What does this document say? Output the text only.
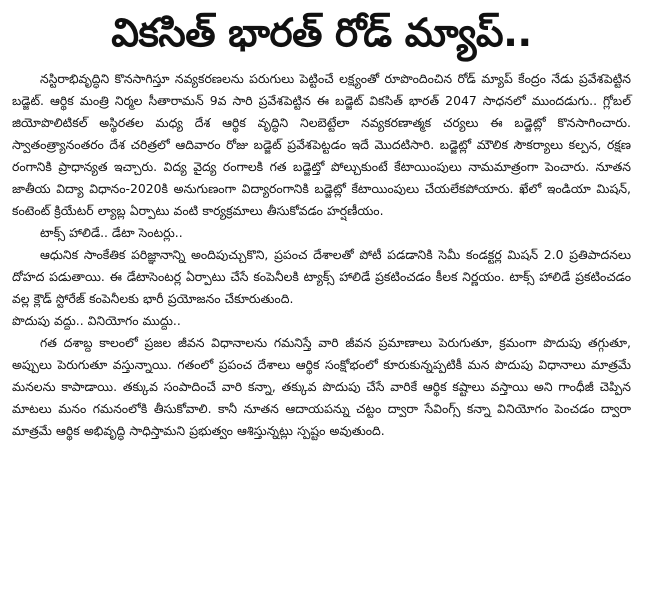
వికసిత్ భారత్ రోడ్ మ్యాప్..

నస్టిరాభివృద్ధిని కొనసాగిస్తూ నవ్యకరణలను పరుగులు పెట్టించే లక్ష్యంతో రూపొందించిన రోడ్ మ్యాప్ కేంద్రం నేడు ప్రవేశపెట్టిన బడ్జెట్. ఆర్థిక మంత్రి నిర్మల సీతారామన్ 9వ సారి ప్రవేశపెట్టిన ఈ బడ్జెట్ వికసిత్ భారత్ 2047 సాధనలో ముందడుగు.. గ్లోబల్ జియోపొలిటికల్ అస్థిరతల మధ్య దేశ ఆర్థిక వృద్ధిని నిలబెట్టేలా నవ్యకరణాత్మక చర్యలు ఈ బడ్జెట్లో కొనసాగించారు. స్వాతంత్ర్యానంతరం దేశ చరిత్రలో ఆదివారం రోజు బడ్జెట్ ప్రవేశపెట్టడం ఇదే మొదటిసారి. బడ్జెట్లో మౌలిక సౌకర్యాలు కల్పన, రక్షణ రంగానికి ప్రాధాన్యత ఇచ్చారు. విద్య వైద్య రంగాలకి గత బడ్జెట్తో పోల్చుకుంటే కేటాయింపులు నామమాత్రంగా పెంచారు. నూతన జాతీయ విద్యా విధానం-2020కి అనుగుణంగా విద్యారంగానికి బడ్జెట్లో కేటాయింపులు చేయలేకపోయారు. ఖేలో ఇండియా మిషన్, కంటెంట్ క్రియేటర్ ల్యాబ్ల ఏర్పాటు వంటి కార్యక్రమాలు తీసుకోవడం హర్షణీయం.

టాక్స్ హాలిడే.. డేటా సెంటర్లు..

ఆధునిక సాంకేతిక పరిజ్ఞానాన్ని అందిపుచ్చుకొని, ప్రపంచ దేశాలతో పోటీ పడడానికి సెమీ కండక్టర్ల మిషన్ 2.0 ప్రతిపాదనలు దోహద పడుతాయి. ఈ డేటాసెంటర్ల ఏర్పాటు చేసే కంపెనీలకి ట్యాక్స్ హాలిడే ప్రకటించడం కీలక నిర్ణయం. టాక్స్ హాలిడే ప్రకటించడం వల్ల క్లౌడ్ స్టోరేజ్ కంపెనీలకు భారీ ప్రయోజనం చేకూరుతుంది.

పొదుపు వద్దు.. వినియోగం ముద్దు..

గత దశాబ్ద కాలంలో ప్రజల జీవన విధానాలను గమనిస్తే వారి జీవన ప్రమాణాలు పెరుగుతూ, క్రమంగా పొదుపు తగ్గుతూ, అప్పులు పెరుగుతూ వస్తున్నాయి. గతంలో ప్రపంచ దేశాలు ఆర్థిక సంక్షోభంలో కూరుకున్నప్పటికీ మన పొదుపు విధానాలు మాత్రమే మనలను కాపాడాయి. తక్కువ సంపాదించే వారి కన్నా, తక్కువ పొదుపు చేసే వారికే ఆర్థిక కష్టాలు వస్తాయి అని గాంధీజీ చెప్పిన మాటలు మనం గమనంలోకి తీసుకోవాలి. కానీ నూతన ఆదాయపన్ను చట్టం ద్వారా సేవింగ్స్ కన్నా వినియోగం పెంచడం ద్వారా మాత్రమే ఆర్థిక అభివృద్ధి సాధిస్తామని ప్రభుత్వం ఆశిస్తున్నట్లు స్పష్టం అవుతుంది.
